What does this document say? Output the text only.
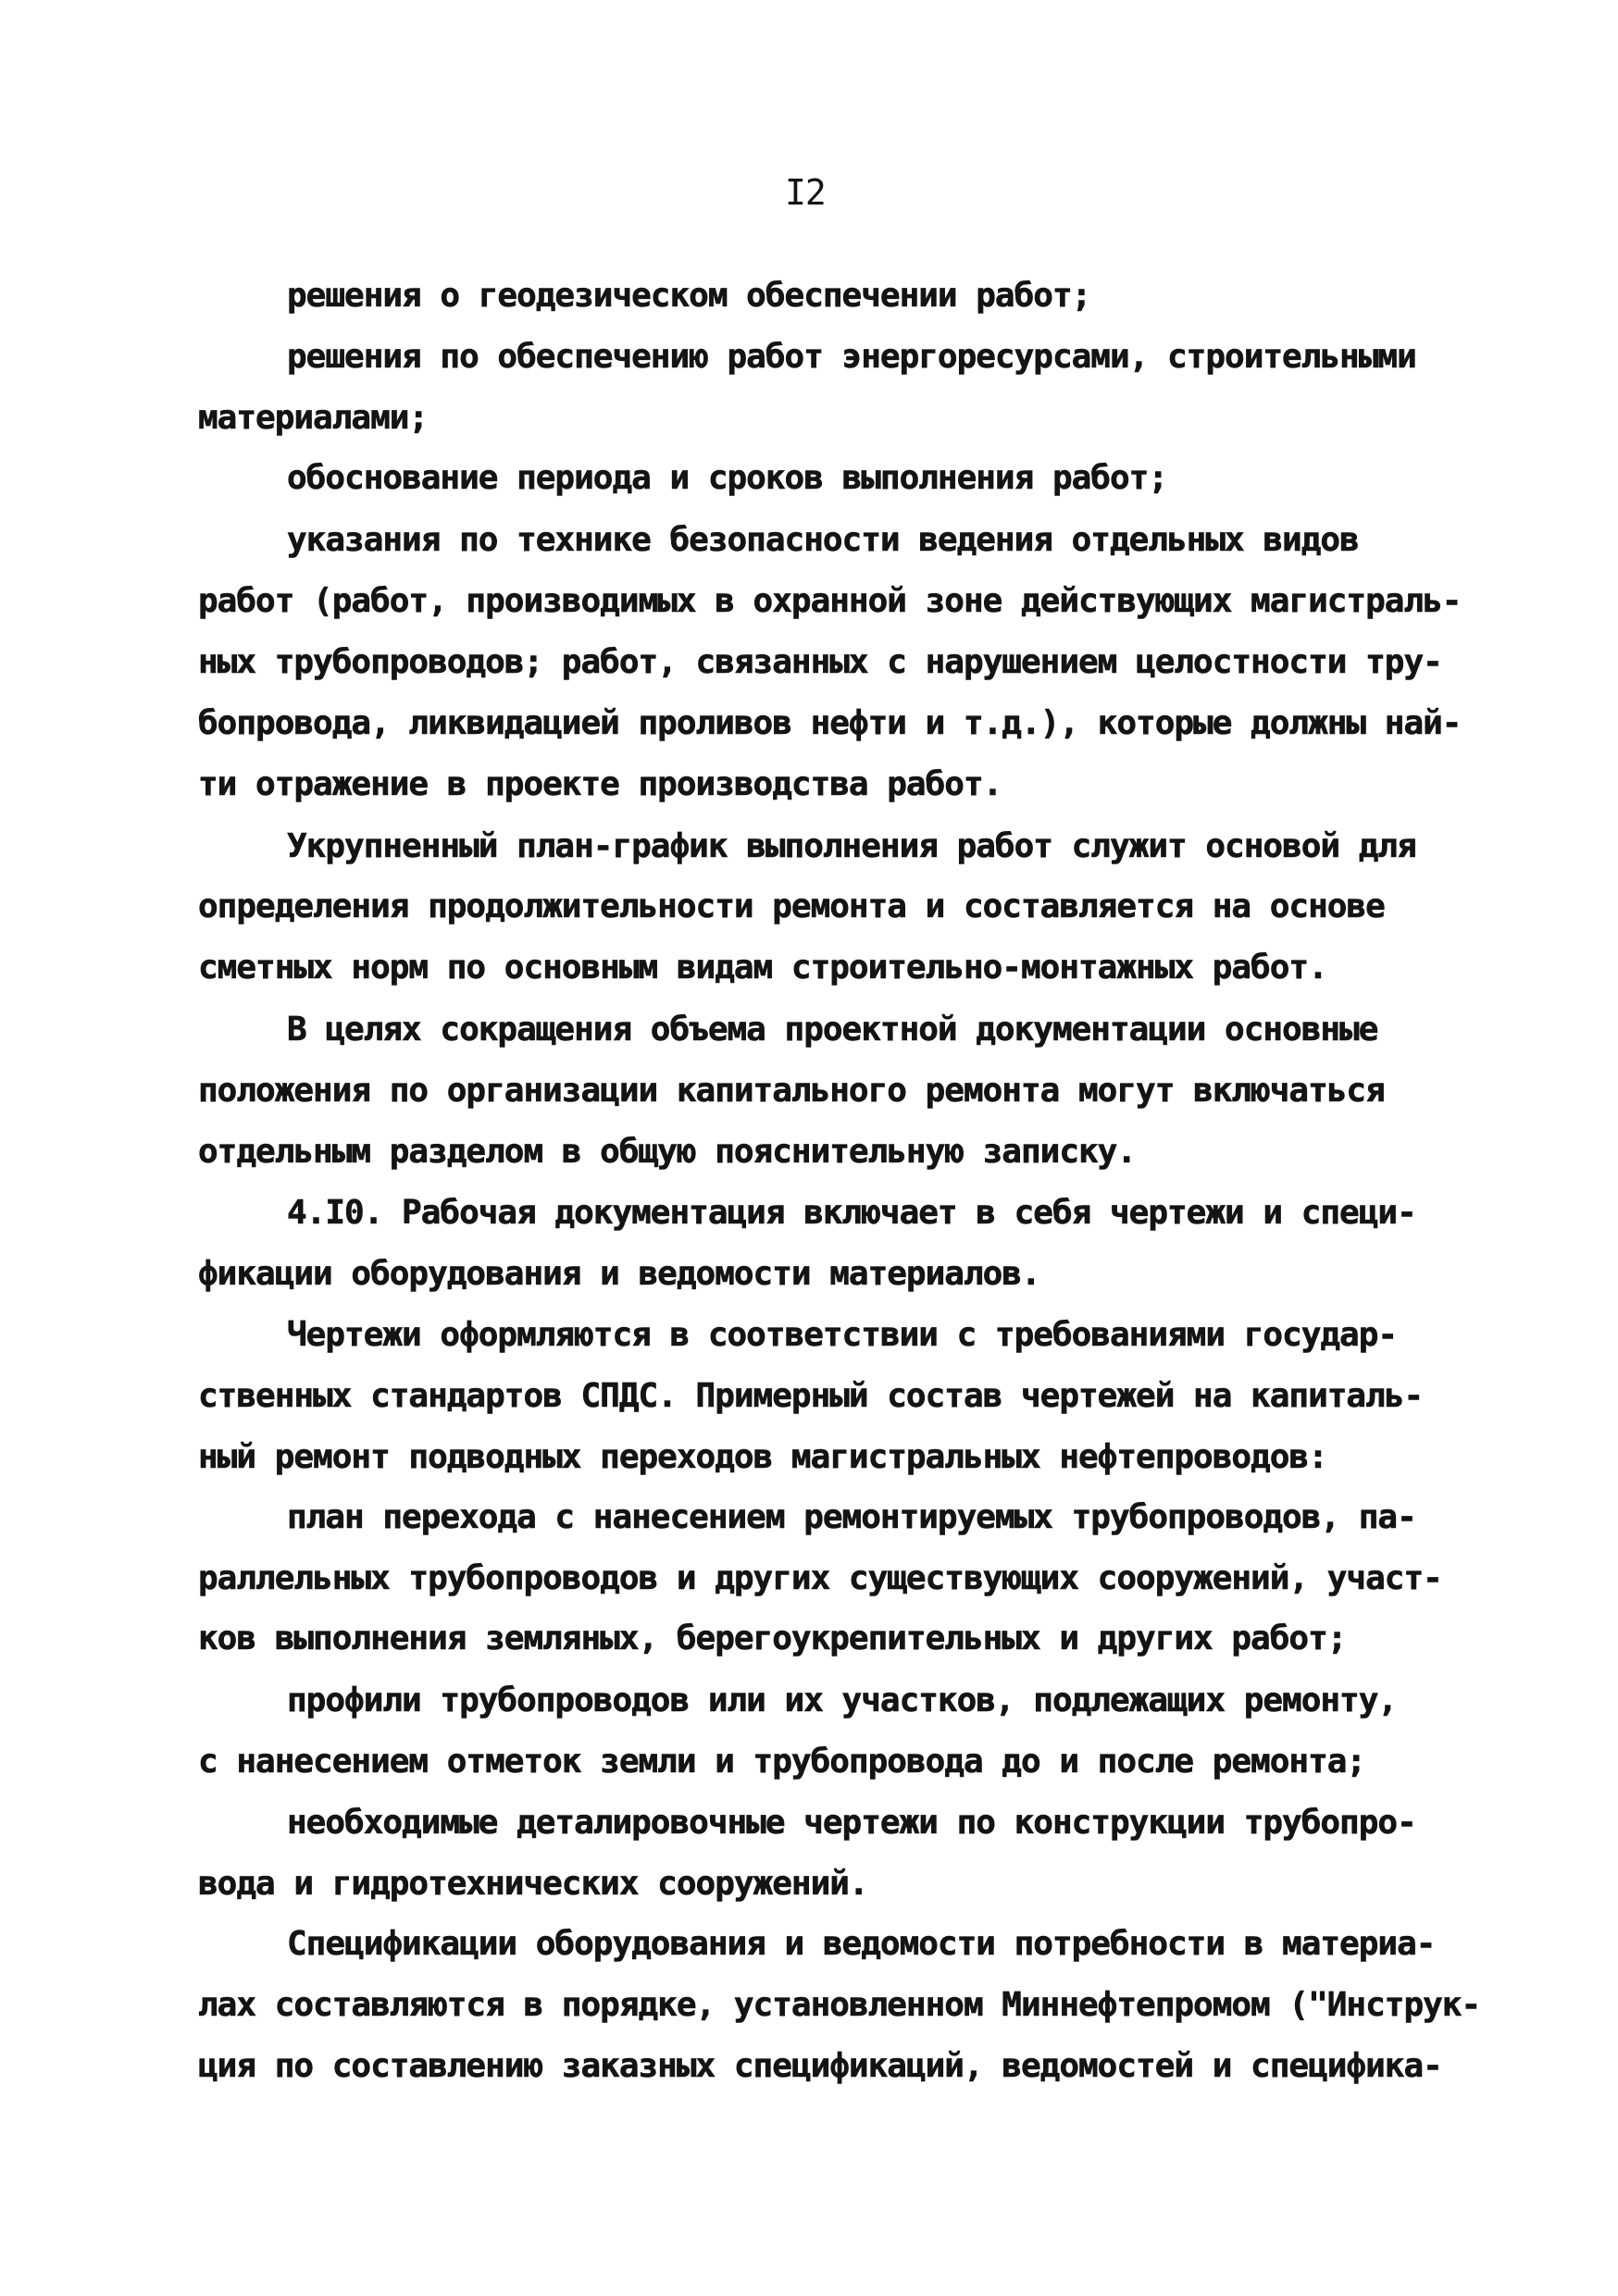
I2
решения о геодезическом обеспечении работ;
решения по обеспечению работ энергоресурсами, строительными
материалами;
обоснование периода и сроков выполнения работ;
указания по технике безопасности ведения отдельных видов
работ (работ, производимых в охранной зоне действующих магистраль-
ных трубопроводов; работ, связанных с нарушением целостности тру-
бопровода, ликвидацией проливов нефти и т.д.), которые должны най-
ти отражение в проекте производства работ.
Укрупненный план-график выполнения работ служит основой для
определения продолжительности ремонта и составляется на основе
сметных норм по основным видам строительно-монтажных работ.
В целях сокращения объема проектной документации основные
положения по организации капитального ремонта могут включаться
отдельным разделом в общую пояснительную записку.
4.I0. Рабочая документация включает в себя чертежи и специ-
фикации оборудования и ведомости материалов.
Чертежи оформляются в соответствии с требованиями государ-
ственных стандартов СПДС. Примерный состав чертежей на капиталь-
ный ремонт подводных переходов магистральных нефтепроводов:
план перехода с нанесением ремонтируемых трубопроводов, па-
раллельных трубопроводов и других существующих сооружений, участ-
ков выполнения земляных, берегоукрепительных и других работ;
профили трубопроводов или их участков, подлежащих ремонту,
с нанесением отметок земли и трубопровода до и после ремонта;
необходимые деталировочные чертежи по конструкции трубопро-
вода и гидротехнических сооружений.
Спецификации оборудования и ведомости потребности в материа-
лах составляются в порядке, установленном Миннефтепромом ("Инструк-
ция по составлению заказных спецификаций, ведомостей и специфика-
